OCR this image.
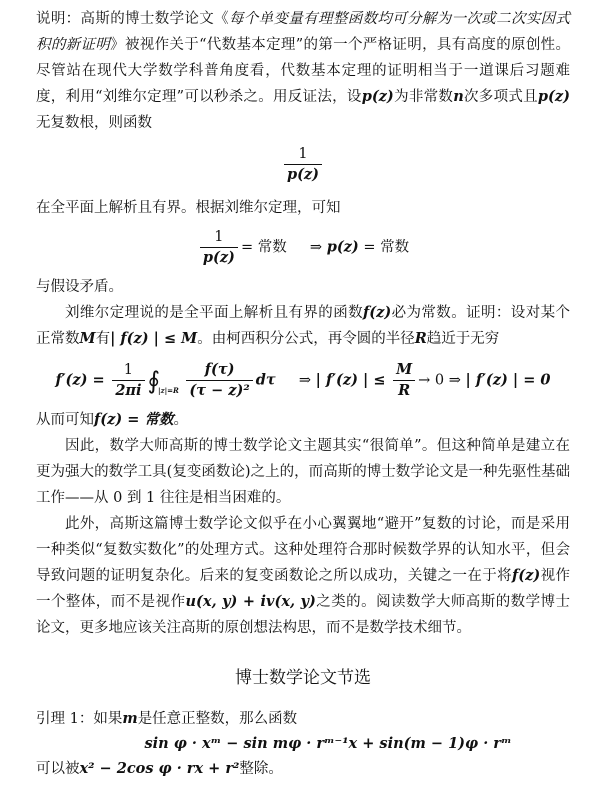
说明：高斯的博士数学论文《每个单变量有理整函数均可分解为一次或二次实因式积的新证明》被视作关于“代数基本定理”的第一个严格证明，具有高度的原创性。尽管站在现代大学数学科普角度看，代数基本定理的证明相当于一道课后习题难度，利用“刘维尔定理”可以秒杀之。用反证法，设p(z)为非常数n次多项式且p(z)无复数根，则函数

$\frac{1}{p(z)}$

在全平面上解析且有界。根据刘维尔定理，可知

$\frac{1}{p(z)}$ = 常数 ⇒ p(z) = 常数

与假设矛盾。

刘维尔定理说的是全平面上解析且有界的函数f(z)必为常数。证明：设对某个正常数M有| f(z) | ≤ M。由柯西积分公式，再令圆的半径R趋近于无穷

$f'(z) = \frac{1}{2\pi i}$ $∮_{|z|=R} \frac{f(\tau)}{\text{(τ − z)²}}$ dτ ⇒ | f′(z) | ≤ $\frac{M}{R} \to 0$ ⇒ | f′(z) | = 0

从而可知f(z) = 常数。

因此，数学大师高斯的博士数学论文主题其实“很简单”。但这种简单是建立在更为强大的数学工具(复变函数论)之上的，而高斯的博士数学论文是一种先驱性基础工作——从 0 到 1 往往是相当困难的。

此外，高斯这篇博士数学论文似乎在小心翼翼地“避开”复数的讨论，而是采用一种类似“复数实数化”的处理方式。这种处理符合那时候数学界的认知水平，但会导致问题的证明复杂化。后来的复变函数论之所以成功，关键之一在于将f(z)视作一个整体，而不是视作u(x, y) + iv(x, y)之类的。阅读数学大师高斯的数学博士论文，更多地应该关注高斯的原创想法构思，而不是数学技术细节。

博士数学论文节选

引理 1：如果m是任意正整数，那么函数

sin φ · xᵐ − sin mφ · rᵐ⁻¹x + sin(m − 1)φ · rᵐ

可以被x² − 2cos φ · rx + r²整除。
